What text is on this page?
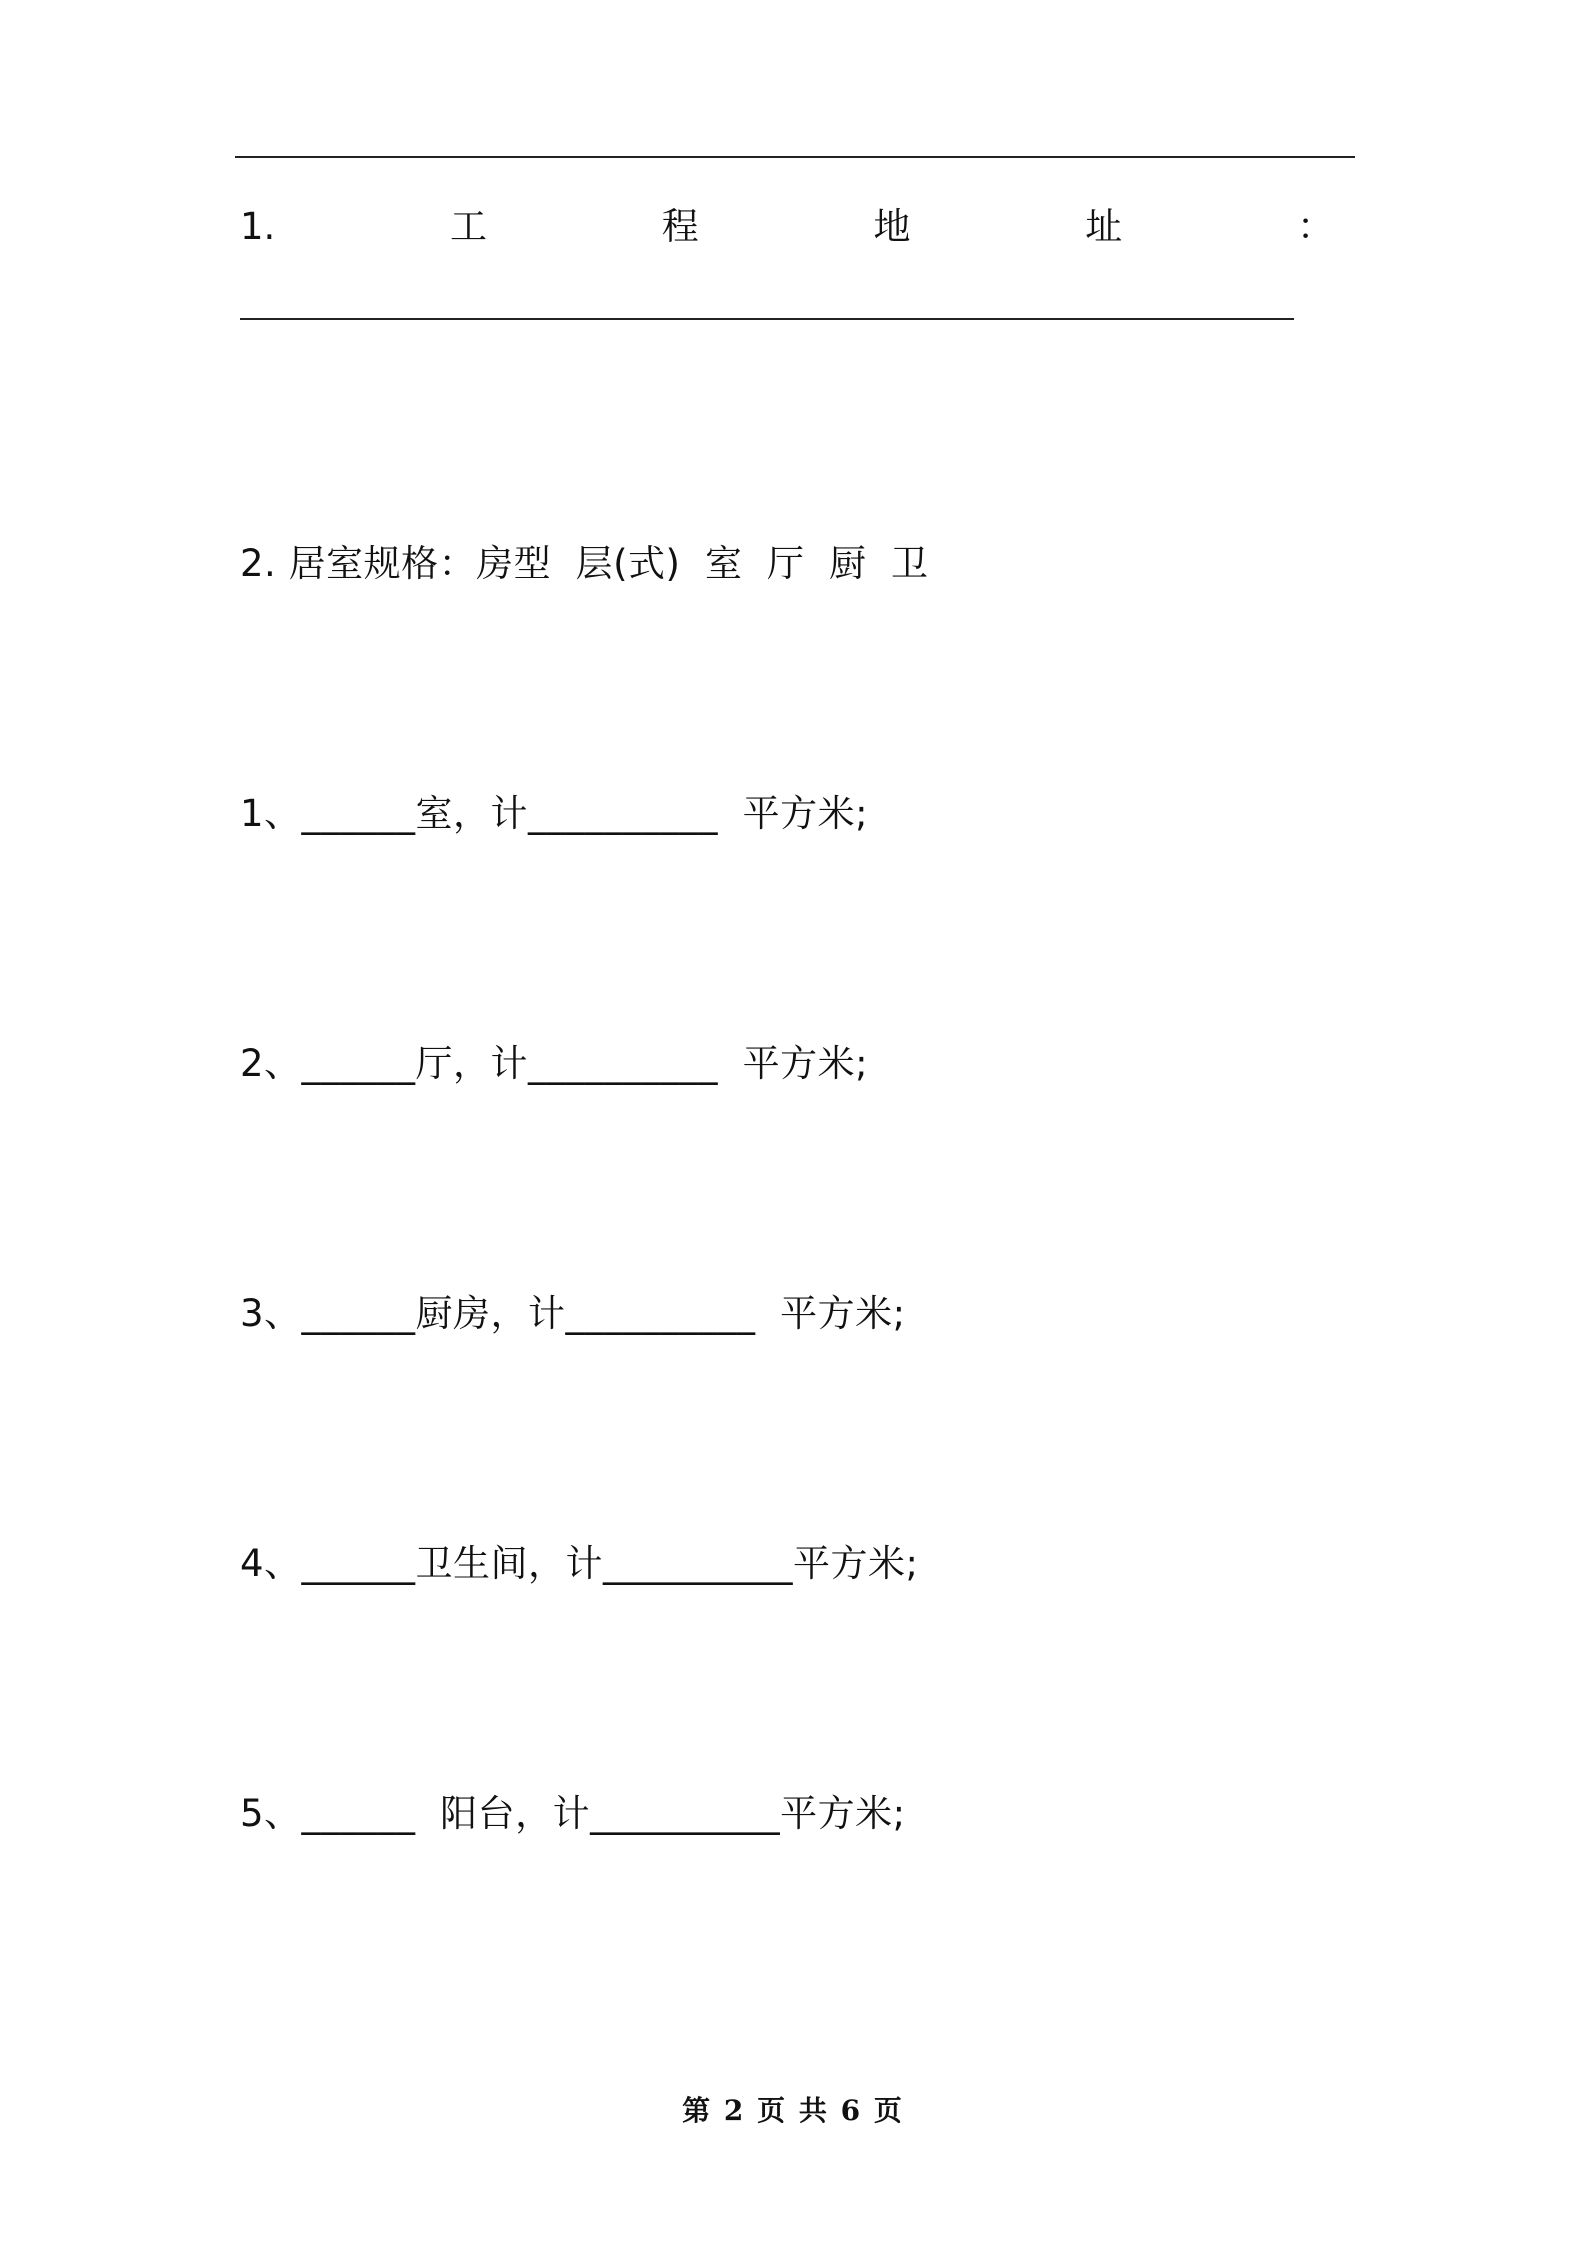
1.	工	程	地	址	：
2. 居室规格：房型  层(式)  室  厅  厨  卫
1、______室，计__________  平方米;
2、______厅，计__________  平方米;
3、______厨房，计__________  平方米;
4、______卫生间，计__________平方米;
5、______  阳台，计__________平方米;
第 2 页 共 6 页
